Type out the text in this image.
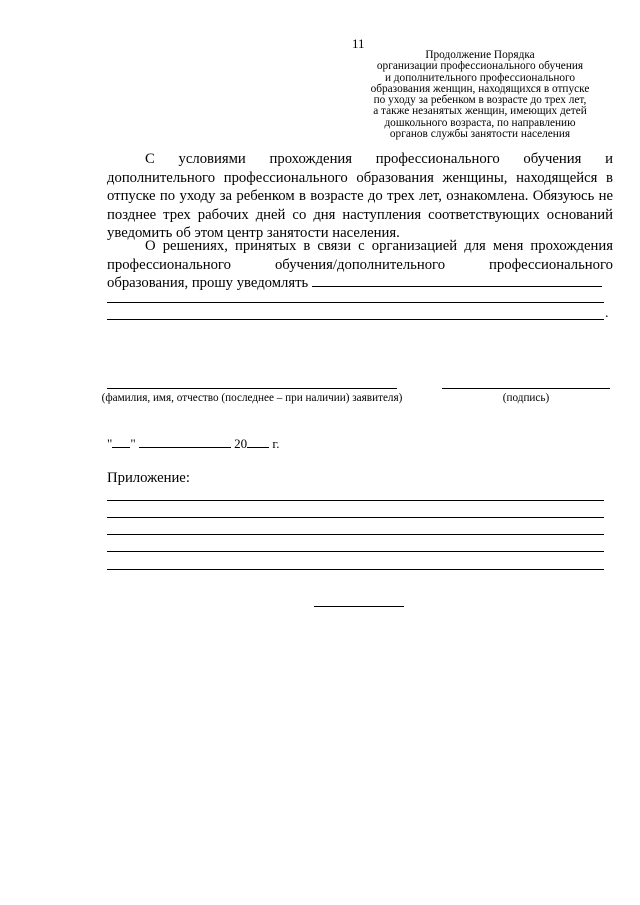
11
Продолжение Порядка
организации профессионального обучения
и дополнительного профессионального
образования женщин, находящихся в отпуске
по уходу за ребенком в возрасте до трех лет,
а также незанятых женщин, имеющих детей
дошкольного возраста, по направлению
органов службы занятости населения
С условиями прохождения профессионального обучения и дополнительного профессионального образования женщины, находящейся в отпуске по уходу за ребенком в возрасте до трех лет, ознакомлена. Обязуюсь не позднее трех рабочих дней со дня наступления соответствующих оснований уведомить об этом центр занятости населения.
О решениях, принятых в связи с организацией для меня прохождения профессионального обучения/дополнительного профессионального образования, прошу уведомлять
.
(фамилия, имя, отчество (последнее – при наличии) заявителя)	(подпись)
" "	20 г.
Приложение:
